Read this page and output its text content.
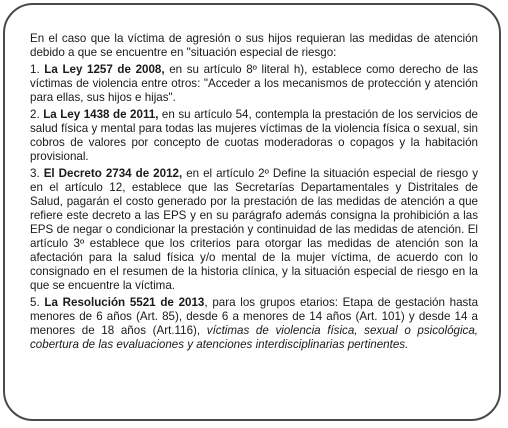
En el caso que la víctima de agresión o sus hijos requieran las medidas de atención debido a que se encuentre en "situación especial de riesgo:

1. La Ley 1257 de 2008, en su artículo 8º literal h), establece como derecho de las víctimas de violencia entre otros: "Acceder a los mecanismos de protección y atención para ellas, sus hijos e hijas".

2. La Ley 1438 de 2011, en su artículo 54, contempla la prestación de los servicios de salud física y mental para todas las mujeres víctimas de la violencia física o sexual, sin cobros de valores por concepto de cuotas moderadoras o copagos y la habitación provisional.

3. El Decreto 2734 de 2012, en el artículo 2º Define la situación especial de riesgo y en el artículo 12, establece que las Secretarías Departamentales y Distritales de Salud, pagarán el costo generado por la prestación de las medidas de atención a que refiere este decreto a las EPS y en su parágrafo además consigna la prohibición a las EPS de negar o condicionar la prestación y continuidad de las medidas de atención. El artículo 3º establece que los criterios para otorgar las medidas de atención son la afectación para la salud física y/o mental de la mujer víctima, de acuerdo con lo consignado en el resumen de la historia clínica, y la situación especial de riesgo en la que se encuentre la víctima.

5. La Resolución 5521 de 2013, para los grupos etarios: Etapa de gestación hasta menores de 6 años (Art. 85), desde 6 a menores de 14 años (Art. 101) y desde 14 a menores de 18 años (Art.116), víctimas de violencia física, sexual o psicológica, cobertura de las evaluaciones y atenciones interdisciplinarias pertinentes.
